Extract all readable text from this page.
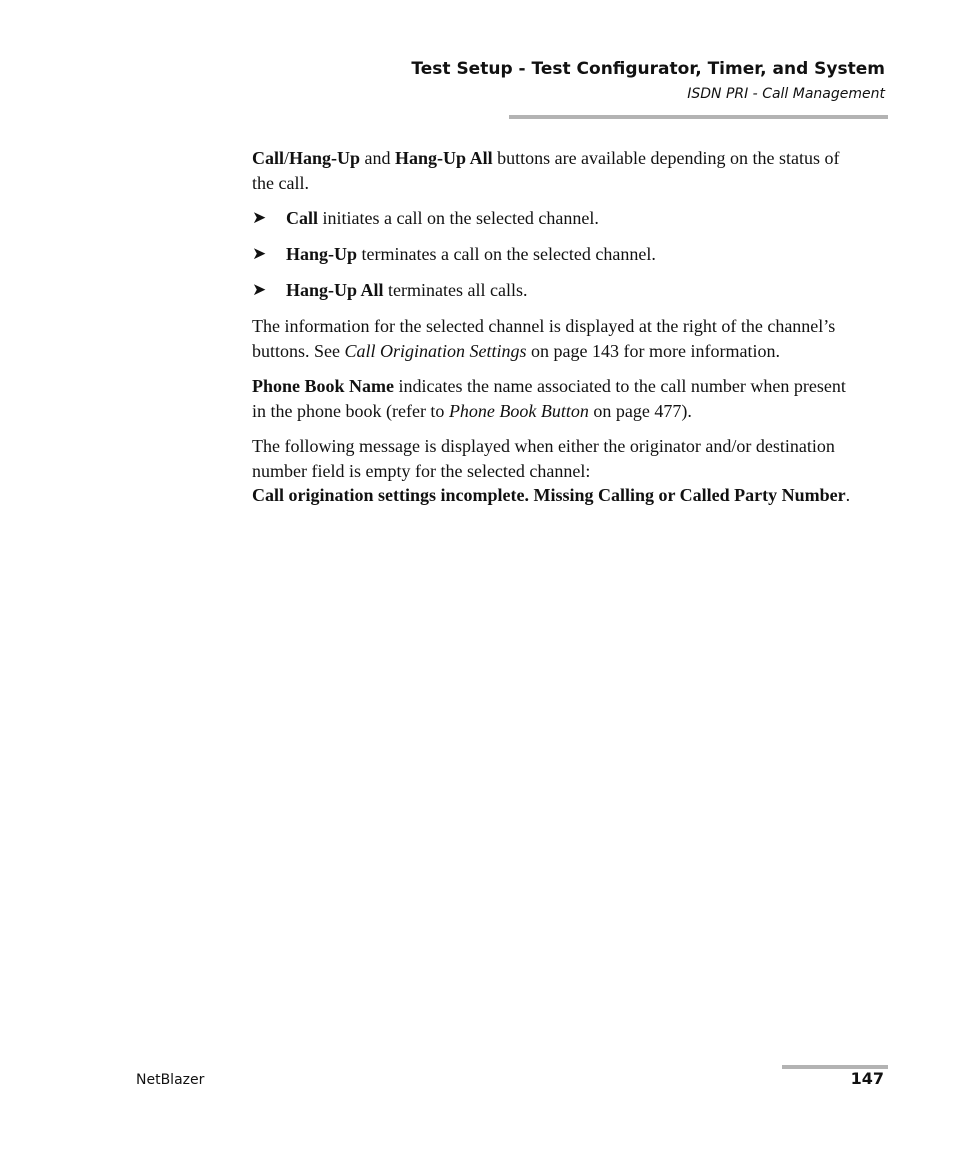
Test Setup - Test Configurator, Timer, and System
ISDN PRI - Call Management

Call/Hang-Up and Hang-Up All buttons are available depending on the status of the call.

➤ Call initiates a call on the selected channel.
➤ Hang-Up terminates a call on the selected channel.
➤ Hang-Up All terminates all calls.

The information for the selected channel is displayed at the right of the channel’s buttons. See Call Origination Settings on page 143 for more information.

Phone Book Name indicates the name associated to the call number when present in the phone book (refer to Phone Book Button on page 477).

The following message is displayed when either the originator and/or destination number field is empty for the selected channel:
Call origination settings incomplete. Missing Calling or Called Party Number.

NetBlazer	147
